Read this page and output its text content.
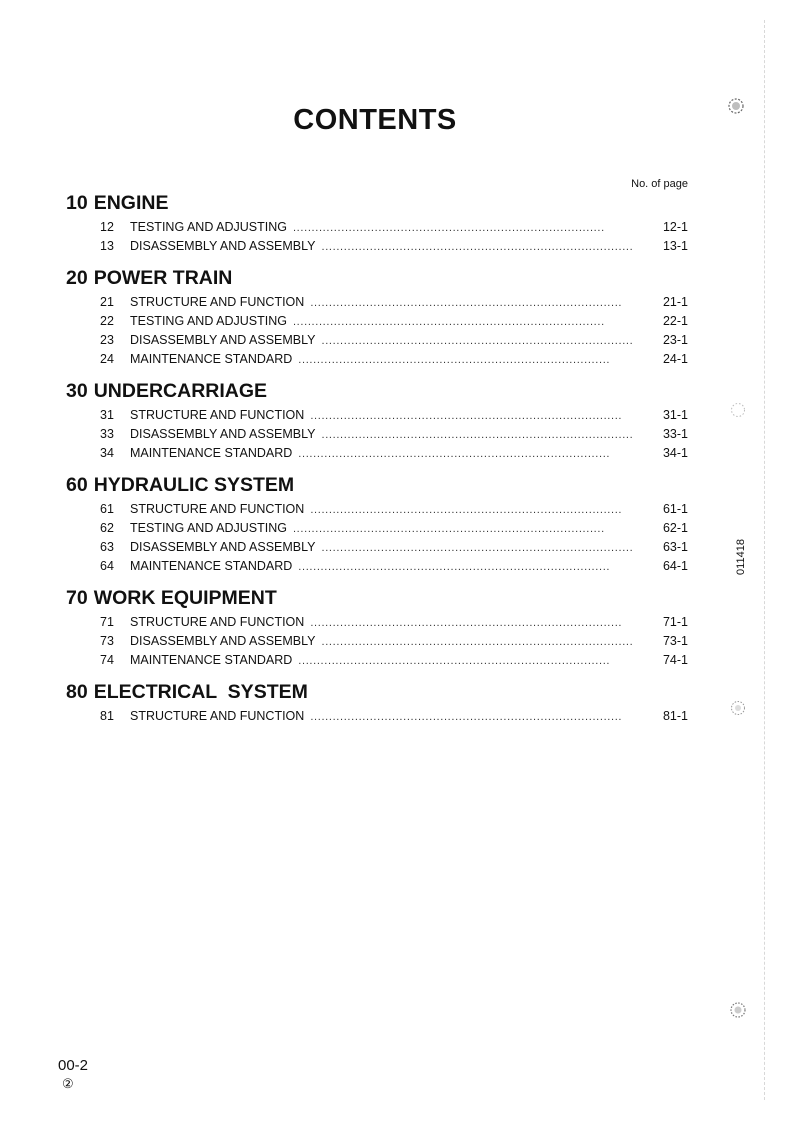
CONTENTS
No. of page
10 ENGINE
12	TESTING AND ADJUSTING . . .	12-1
13	DISASSEMBLY AND ASSEMBLY . . .	13-1
20 POWER TRAIN
21	STRUCTURE AND FUNCTION . . .	21-1
22	TESTING AND ADJUSTING . . .	22-1
23	DISASSEMBLY AND ASSEMBLY . . .	23-1
24	MAINTENANCE STANDARD . . .	24-1
30 UNDERCARRIAGE
31	STRUCTURE AND FUNCTION . . .	31-1
33	DISASSEMBLY AND ASSEMBLY . . .	33-1
34	MAINTENANCE STANDARD . . .	34-1
60 HYDRAULIC SYSTEM
61	STRUCTURE AND FUNCTION . . .	61-1
62	TESTING AND ADJUSTING . . .	62-1
63	DISASSEMBLY AND ASSEMBLY . . .	63-1
64	MAINTENANCE STANDARD . . .	64-1
70 WORK EQUIPMENT
71	STRUCTURE AND FUNCTION . . .	71-1
73	DISASSEMBLY AND ASSEMBLY . . .	73-1
74	MAINTENANCE STANDARD . . .	74-1
80 ELECTRICAL  SYSTEM
81	STRUCTURE AND FUNCTION . . .	81-1
011418
00-2
②
